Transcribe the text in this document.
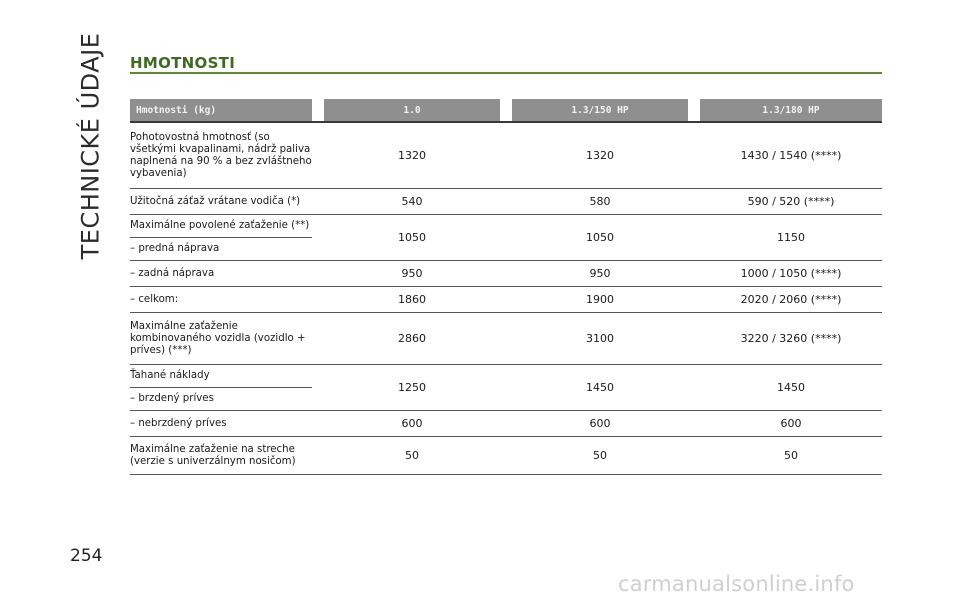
TECHNICKÉ ÚDAJE
254
HMOTNOSTI
Hmotnosti (kg)		1.0		1.3/150 HP		1.3/180 HP
Pohotovostná hmotnosť (so všetkými kvapalinami, nádrž paliva naplnená na 90 % a bez zvláštneho vybavenia)		1320		1320		1430 / 1540 (****)
Užitočná záťaž vrátane vodiča (*)		540		580		590 / 520 (****)

Maximálne povolené zaťaženie (**)
– predná náprava		1050		1050		1150
– zadná náprava		950		950		1000 / 1050 (****)
– celkom:		1860		1900		2020 / 2060 (****)
Maximálne zaťaženie kombinovaného vozidla (vozidlo + príves) (***)		2860		3100		3220 / 3260 (****)

Ťahané náklady
– brzdený príves		1250		1450		1450
– nebrzdený príves		600		600		600
Maximálne zaťaženie na streche (verzie s univerzálnym nosičom)		50		50		50
carmanualsonline.info
